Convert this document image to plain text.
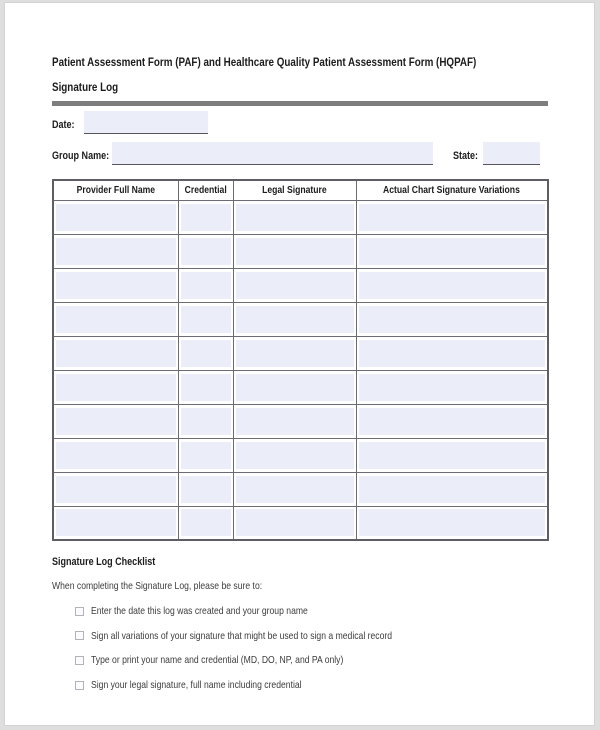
Patient Assessment Form (PAF) and Healthcare Quality Patient Assessment Form (HQPAF)
Signature Log
Date:
Group Name:	State:
Provider Full Name	Credential	Legal Signature	Actual Chart Signature Variations

Signature Log Checklist
When completing the Signature Log, please be sure to:
Enter the date this log was created and your group name
Sign all variations of your signature that might be used to sign a medical record
Type or print your name and credential (MD, DO, NP, and PA only)
Sign your legal signature, full name including credential
